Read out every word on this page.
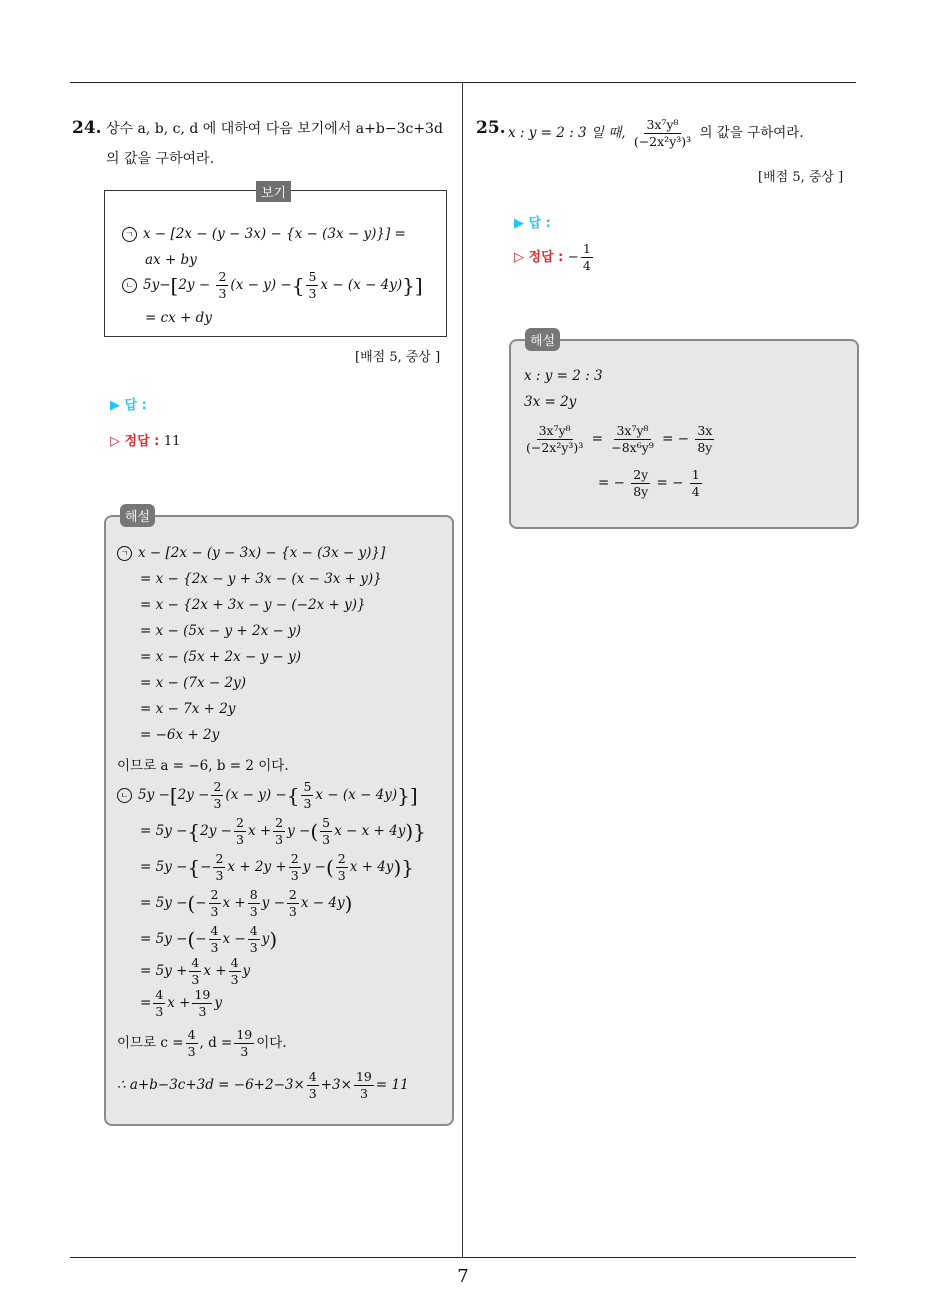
24. 상수 a, b, c, d 에 대하여 다음 보기에서 a+b−3c+3d
의 값을 구하여라.
보기
ㄱ x − [2x − (y − 3x) − {x − (3x − y)}] =
ax + by
ㄴ $5y-[2y - \frac{2}{3} (x - y)$ −{ $\frac{5}{3}$ x − (x − 4y)}]
= cx + dy
[배점 5, 중상 ]
▶ 답 :
▷ 정답 : 11
해설
ㄱ x − [2x − (y − 3x) − {x − (3x − y)}]
= x − {2x − y + 3x − (x − 3x + y)}
= x − {2x + 3x − y − (−2x + y)}
= x − (5x − y + 2x − y)
= x − (5x + 2x − y − y)
= x − (7x − 2y)
= x − 7x + 2y
= −6x + 2y
이므로 a = −6, b = 2 이다.
ㄴ $5y -[2y - \frac{2}{3} (x - y)$ −{ $\frac{5}{3}$ x − (x − 4y)}]
= $5y -\{2y - \frac{2}{3}$ $x + \frac{2}{3}$ y −( $\frac{5}{3}$ x − x + 4y)}
= 5y −{− $\frac{2}{3}$ $x + 2y + \frac{2}{3}$ y −( $\frac{2}{3}$ x + 4y)}
= 5y −(− $\frac{2}{3}$ $x + \frac{8}{3}$ $y - \frac{2}{3}$ x − 4y)
= 5y −(− $\frac{4}{3}$ $x - \frac{4}{3} y$)
= $5y + \frac{4}{3}$ $x + \frac{4}{3}$ y
= $\frac{4}{3}$ $x + \frac{19}{3}$ y
이므로 $c = \frac{4}{3}$ , $d = \frac{19}{3}$ 이다.
∴ $a+b-3c+3d = -6+2-3\times \frac{4}{3} +3\times \frac{19}{3} = 11$
25. x : y = 2 : 3 일 때, $\frac{\text{3x⁷y⁸}}{\text{(−2x²y³)³}}$ 의 값을 구하여라.
[배점 5, 중상 ]
▶ 답 :
▷ 정답 : − $\frac{1}{4}$
해설
x : y = 2 : 3
3x = 2y
$\frac{\text{3x⁷y⁸}}{\text{(−2x²y³)³}} = \frac{\text{3x⁷y⁸}}{\text{−8x⁶y⁹}}$ = − $\frac{3x}{8y}$
= − $\frac{2y}{8y}$ = − $\frac{1}{4}$
7
